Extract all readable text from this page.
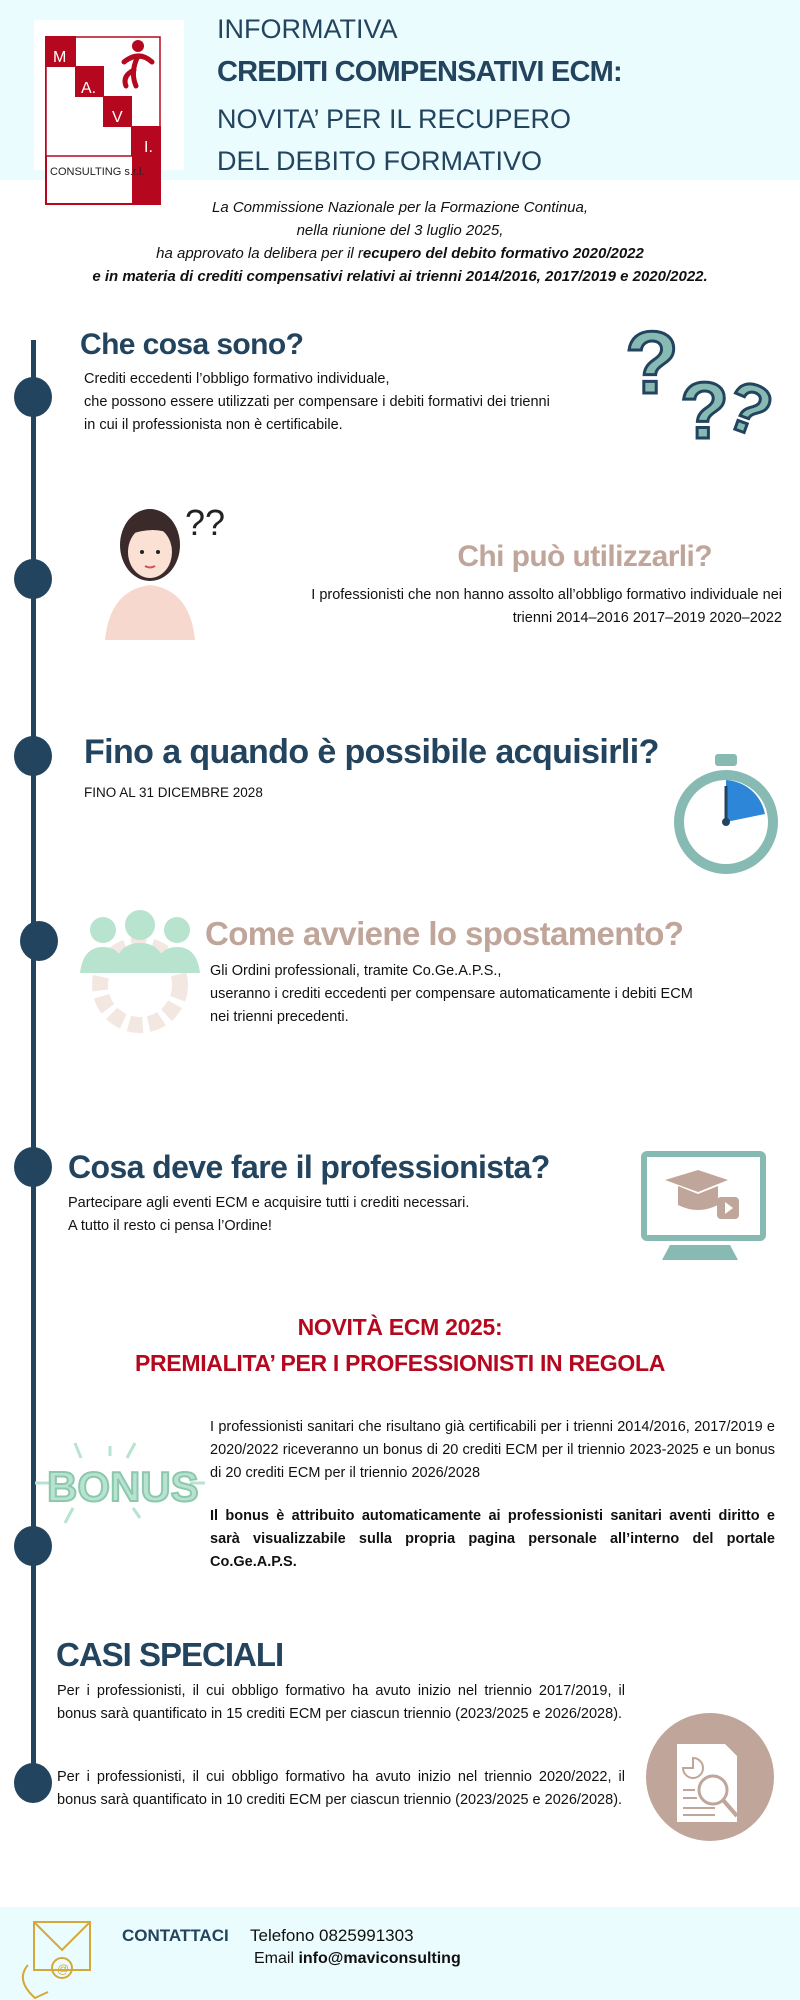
M
A.
V
I.
CONSULTING s.r.l.
INFORMATIVA
CREDITI COMPENSATIVI ECM:
NOVITA’ PER IL RECUPERO
DEL DEBITO FORMATIVO
La Commissione Nazionale per la Formazione Continua,
nella riunione del 3 luglio 2025,
ha approvato la delibera per il recupero del debito formativo 2020/2022
e in materia di crediti compensativi relativi ai trienni 2014/2016, 2017/2019 e 2020/2022.
Che cosa sono?
Crediti eccedenti l’obbligo formativo individuale,
che possono essere utilizzati per compensare i debiti formativi dei trienni
in cui il professionista non è certificabile.
? ?
?
??
Chi può utilizzarli?
I professionisti che non hanno assolto all’obbligo formativo individuale nei
trienni 2014–2016 2017–2019 2020–2022
Fino a quando è possibile acquisirli?
FINO AL 31 DICEMBRE 2028
Come avviene lo spostamento?
Gli Ordini professionali, tramite Co.Ge.A.P.S.,
useranno i crediti eccedenti per compensare automaticamente i debiti ECM
nei trienni precedenti.
Cosa deve fare il professionista?
Partecipare agli eventi ECM e acquisire tutti i crediti necessari.
A tutto il resto ci pensa l’Ordine!
NOVITÀ ECM 2025:
PREMIALITA’ PER I PROFESSIONISTI IN REGOLA
BONUS
I professionisti sanitari che risultano già certificabili per i trienni 2014/2016, 2017/2019 e 2020/2022 riceveranno un bonus di 20 crediti ECM per il triennio 2023-2025 e un bonus di 20 crediti ECM per il triennio 2026/2028
Il bonus è attribuito automaticamente ai professionisti sanitari aventi diritto e sarà visualizzabile sulla propria pagina personale all’interno del portale Co.Ge.A.P.S.
CASI SPECIALI
Per i professionisti, il cui obbligo formativo ha avuto inizio nel triennio 2017/2019, il bonus sarà quantificato in 15 crediti ECM per ciascun triennio (2023/2025 e 2026/2028).
Per i professionisti, il cui obbligo formativo ha avuto inizio nel triennio 2020/2022, il bonus sarà quantificato in 10 crediti ECM per ciascun triennio (2023/2025 e 2026/2028).
@
CONTATTACI Telefono 0825991303
Email info@maviconsulting
